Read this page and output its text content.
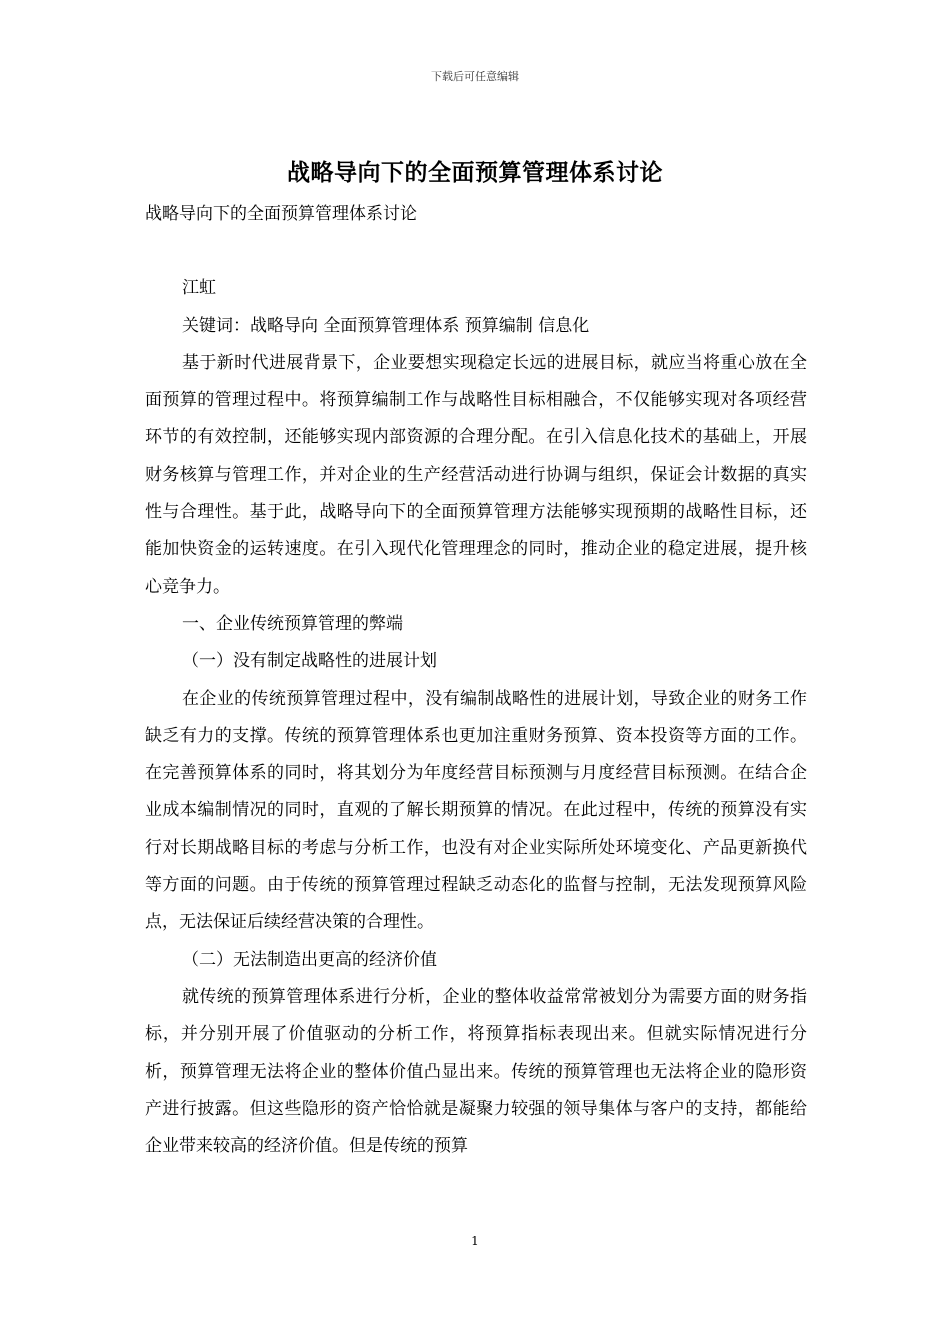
下载后可任意编辑
战略导向下的全面预算管理体系讨论

战略导向下的全面预算管理体系讨论

江虹

关键词：战略导向 全面预算管理体系 预算编制 信息化

基于新时代进展背景下，企业要想实现稳定长远的进展目标，就应当将重心放在全面预算的管理过程中。将预算编制工作与战略性目标相融合，不仅能够实现对各项经营环节的有效控制，还能够实现内部资源的合理分配。在引入信息化技术的基础上，开展财务核算与管理工作，并对企业的生产经营活动进行协调与组织，保证会计数据的真实性与合理性。基于此，战略导向下的全面预算管理方法能够实现预期的战略性目标，还能加快资金的运转速度。在引入现代化管理理念的同时，推动企业的稳定进展，提升核心竞争力。

一、企业传统预算管理的弊端

（一）没有制定战略性的进展计划

在企业的传统预算管理过程中，没有编制战略性的进展计划，导致企业的财务工作缺乏有力的支撑。传统的预算管理体系也更加注重财务预算、资本投资等方面的工作。在完善预算体系的同时，将其划分为年度经营目标预测与月度经营目标预测。在结合企业成本编制情况的同时，直观的了解长期预算的情况。在此过程中，传统的预算没有实行对长期战略目标的考虑与分析工作，也没有对企业实际所处环境变化、产品更新换代等方面的问题。由于传统的预算管理过程缺乏动态化的监督与控制，无法发现预算风险点，无法保证后续经营决策的合理性。

（二）无法制造出更高的经济价值

就传统的预算管理体系进行分析，企业的整体收益常常被划分为需要方面的财务指标，并分别开展了价值驱动的分析工作，将预算指标表现出来。但就实际情况进行分析，预算管理无法将企业的整体价值凸显出来。传统的预算管理也无法将企业的隐形资产进行披露。但这些隐形的资产恰恰就是凝聚力较强的领导集体与客户的支持，都能给企业带来较高的经济价值。但是传统的预算

1
